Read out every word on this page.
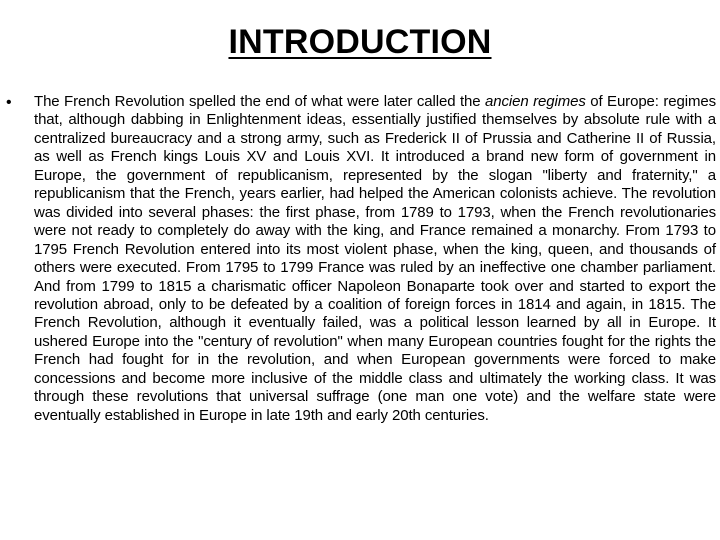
INTRODUCTION
• The French Revolution spelled the end of what were later called the ancien regimes of Europe: regimes that, although dabbing in Enlightenment ideas, essentially justified themselves by absolute rule with a centralized bureaucracy and a strong army, such as Frederick II of Prussia and Catherine II of Russia, as well as French kings Louis XV and Louis XVI. It introduced a brand new form of government in Europe, the government of republicanism, represented by the slogan "liberty and fraternity," a republicanism that the French, years earlier, had helped the American colonists achieve. The revolution was divided into several phases: the first phase, from 1789 to 1793, when the French revolutionaries were not ready to completely do away with the king, and France remained a monarchy. From 1793 to 1795 French Revolution entered into its most violent phase, when the king, queen, and thousands of others were executed. From 1795 to 1799 France was ruled by an ineffective one chamber parliament. And from 1799 to 1815 a charismatic officer Napoleon Bonaparte took over and started to export the revolution abroad, only to be defeated by a coalition of foreign forces in 1814 and again, in 1815. The French Revolution, although it eventually failed, was a political lesson learned by all in Europe. It ushered Europe into the "century of revolution" when many European countries fought for the rights the French had fought for in the revolution, and when European governments were forced to make concessions and become more inclusive of the middle class and ultimately the working class. It was through these revolutions that universal suffrage (one man one vote) and the welfare state were eventually established in Europe in late 19th and early 20th centuries.
